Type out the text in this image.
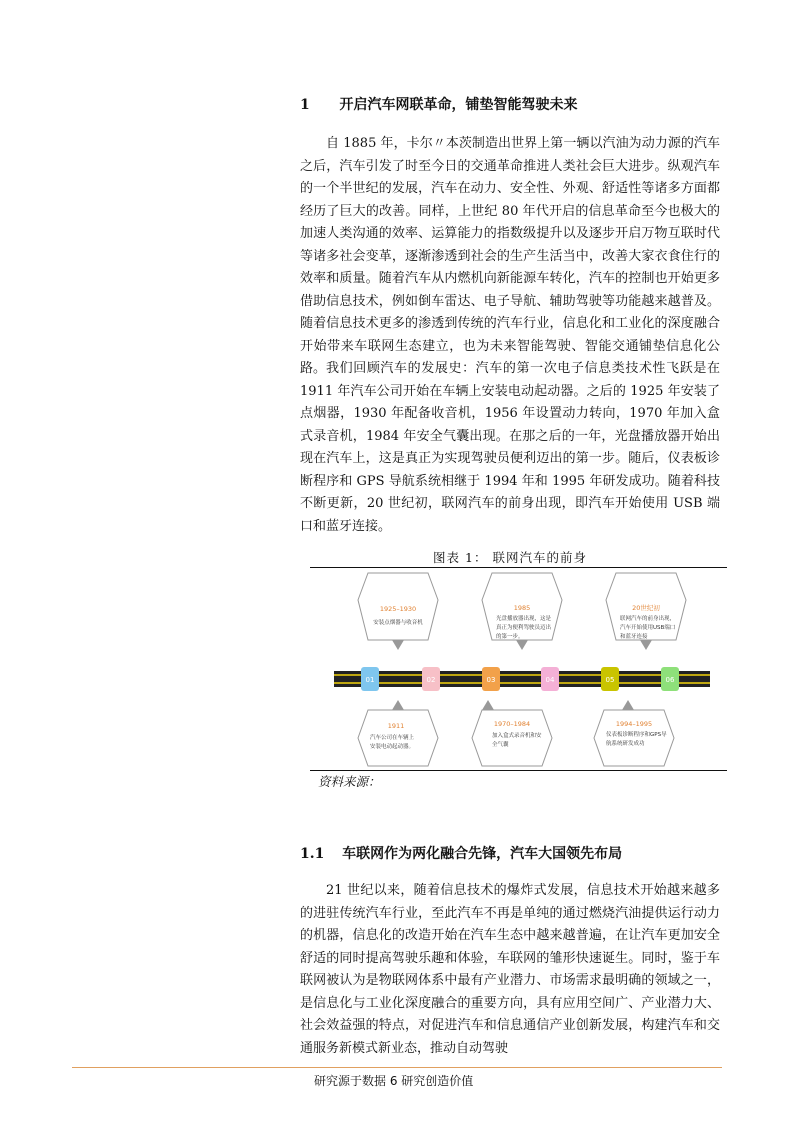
1 开启汽车网联革命，铺垫智能驾驶未来

自 1885 年，卡尔〃本茨制造出世界上第一辆以汽油为动力源的汽车之后，汽车引发了时至今日的交通革命推进人类社会巨大进步。纵观汽车的一个半世纪的发展，汽车在动力、安全性、外观、舒适性等诸多方面都经历了巨大的改善。同样，上世纪 80 年代开启的信息革命至今也极大的加速人类沟通的效率、运算能力的指数级提升以及逐步开启万物互联时代等诸多社会变革，逐渐渗透到社会的生产生活当中，改善大家衣食住行的效率和质量。随着汽车从内燃机向新能源车转化，汽车的控制也开始更多借助信息技术，例如倒车雷达、电子导航、辅助驾驶等功能越来越普及。随着信息技术更多的渗透到传统的汽车行业，信息化和工业化的深度融合开始带来车联网生态建立，也为未来智能驾驶、智能交通铺垫信息化公路。 我们回顾汽车的发展史：汽车的第一次电子信息类技术性飞跃是在 1911 年汽车公司开始在车辆上安装电动起动器。之后的 1925 年安装了点烟器，1930 年配备收音机，1956 年设置动力转向，1970 年加入盒式录音机，1984 年安全气囊出现。在那之后的一年，光盘播放器开始出现在汽车上，这是真正为实现驾驶员便利迈出的第一步。随后，仪表板诊断程序和 GPS 导航系统相继于 1994 年和 1995 年研发成功。随着科技不断更新，20 世纪初，联网汽车的前身出现，即汽车开始使用 USB 端口和蓝牙连接。

图表 1： 联网汽车的前身
1925–1930
安装点烟器与收音机
1985
光盘播放器出现，这是
真正为便利驾驶员迈出
的第一步。
20世纪初
联网汽车的前身出现，
汽车开始使用USB端口
和蓝牙连接
01	02	03	04	05	06
1911
汽车公司在车辆上
安装电动起动器。
1970–1984
加入盒式录音机和安
全气囊
1994–1995
仪表板诊断程序和GPS导
航系统研发成功
资料来源：
1.1 车联网作为两化融合先锋，汽车大国领先布局

21 世纪以来，随着信息技术的爆炸式发展，信息技术开始越来越多的进驻传统汽车行业，至此汽车不再是单纯的通过燃烧汽油提供运行动力的机器，信息化的改造开始在汽车生态中越来越普遍，在让汽车更加安全舒适的同时提高驾驶乐趣和体验，车联网的雏形快速诞生。同时，鉴于车联网被认为是物联网体系中最有产业潜力、市场需求最明确的领域之一，是信息化与工业化深度融合的重要方向，具有应用空间广、产业潜力大、社会效益强的特点，对促进汽车和信息通信产业创新发展，构建汽车和交通服务新模式新业态，推动自动驾驶

研究源于数据 6 研究创造价值
